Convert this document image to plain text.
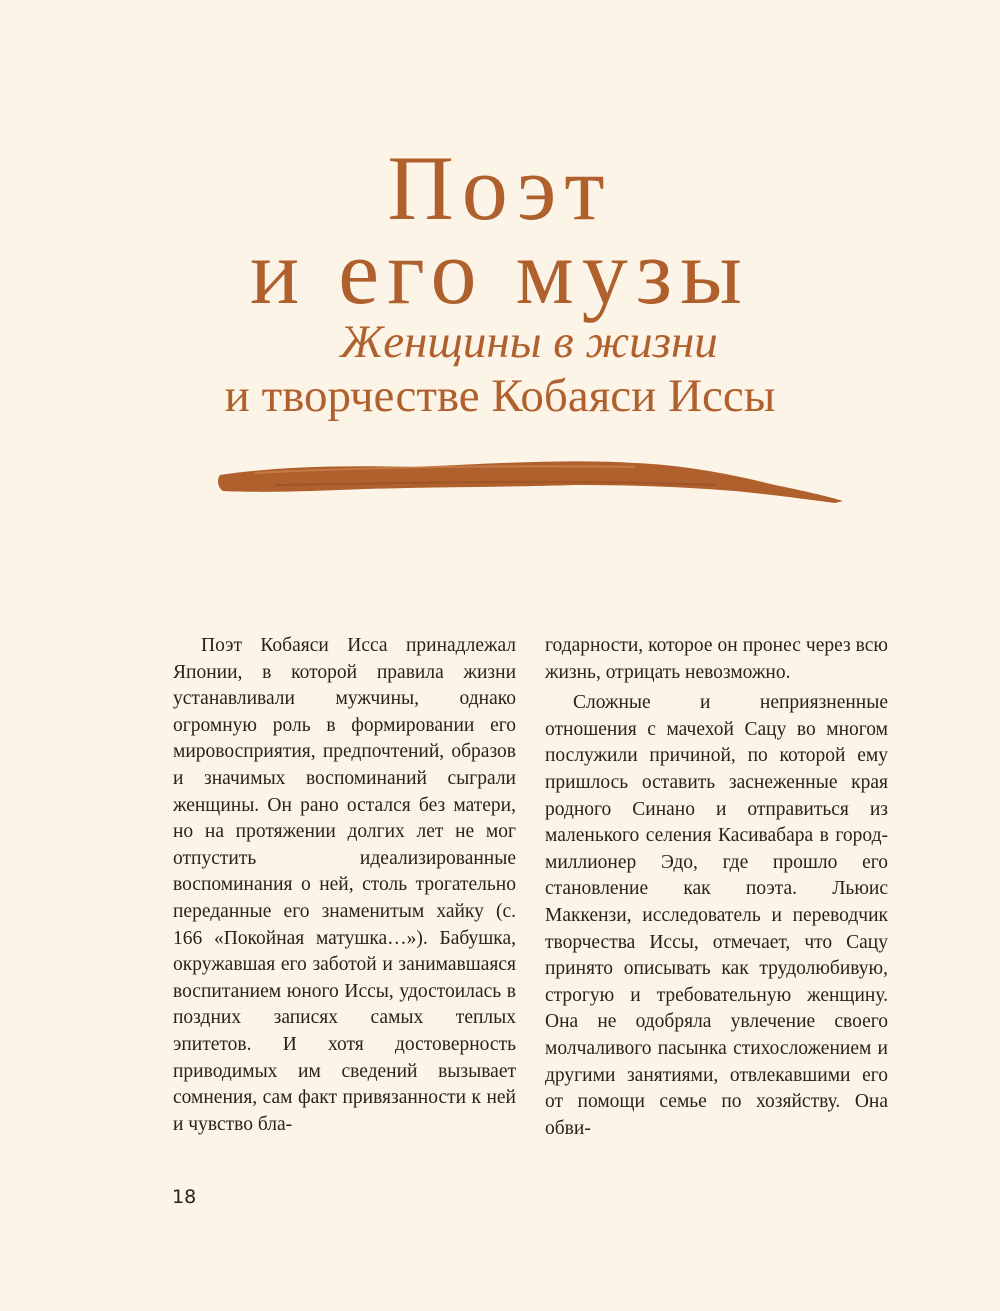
Поэт
и его музы
Женщины в жизни
и творчестве Кобаяси Иссы

Поэт Кобаяси Исса принадлежал Японии, в которой правила жизни устанавливали мужчины, однако огромную роль в формировании его мировосприятия, предпочтений, образов и значимых воспоминаний сыграли женщины. Он рано остался без матери, но на протяжении долгих лет не мог отпустить идеализированные воспоминания о ней, столь трогательно переданные его знаменитым хайку (с. 166 «Покойная матушка…»). Бабушка, окружавшая его заботой и занимавшаяся воспитанием юного Иссы, удостоилась в поздних записях самых теплых эпитетов. И хотя достоверность приводимых им сведений вызывает сомнения, сам факт привязанности к ней и чувство бла-

годарности, которое он пронес через всю жизнь, отрицать невозможно.

Сложные и неприязненные отношения с мачехой Сацу во многом послужили причиной, по которой ему пришлось оставить заснеженные края родного Синано и отправиться из маленького селения Касивабара в город-миллионер Эдо, где прошло его становление как поэта. Льюис Маккензи, исследователь и переводчик творчества Иссы, отмечает, что Сацу принято описывать как трудолюбивую, строгую и требовательную женщину. Она не одобряла увлечение своего молчаливого пасынка стихосложением и другими занятиями, отвлекавшими его от помощи семье по хозяйству. Она обви-

18
